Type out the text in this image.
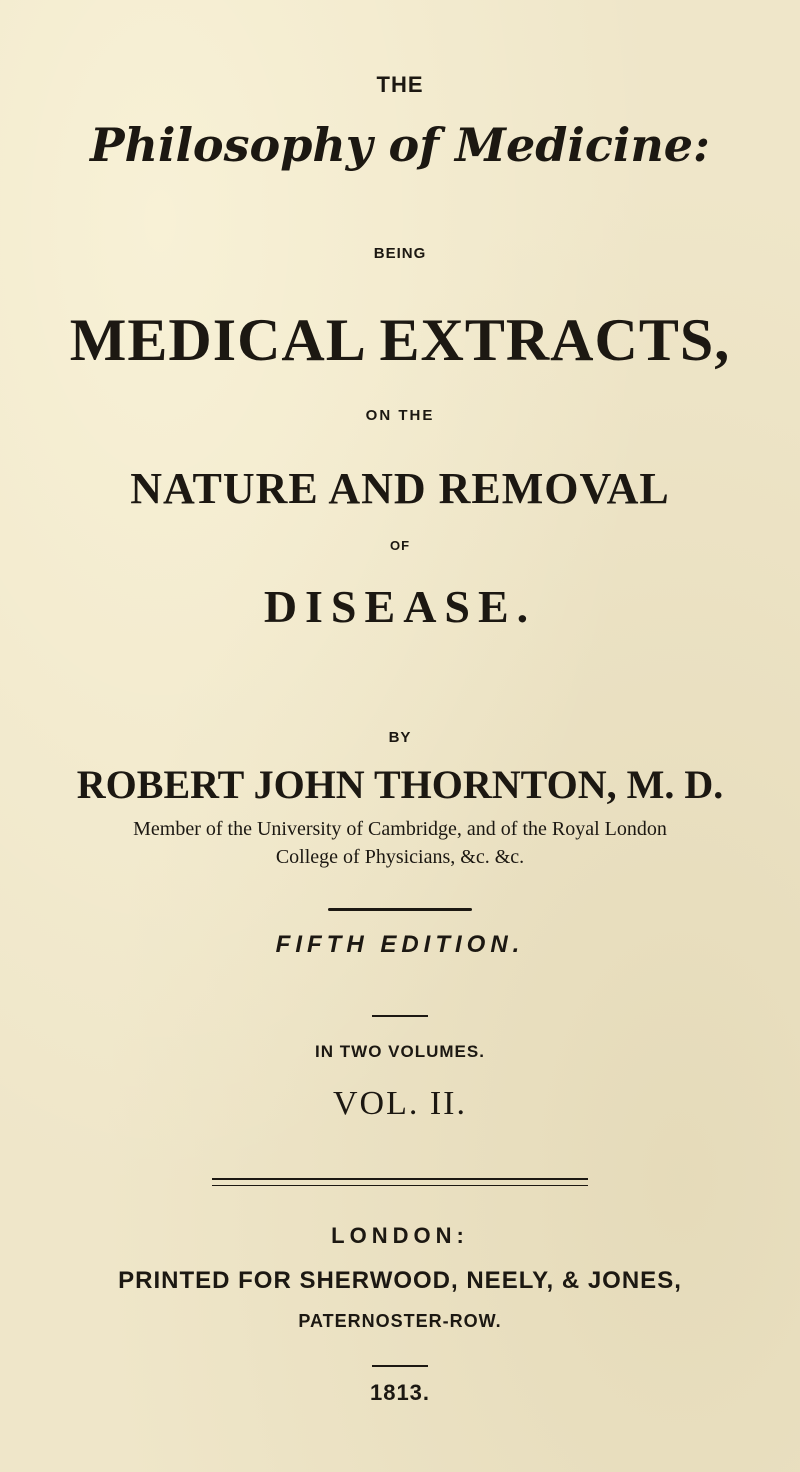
THE
Philosophy of Medicine:
BEING
MEDICAL EXTRACTS,
ON THE
NATURE AND REMOVAL
OF
DISEASE.
BY
ROBERT JOHN THORNTON, M. D.
Member of the University of Cambridge, and of the Royal London
College of Physicians, &c. &c.
FIFTH EDITION.
IN TWO VOLUMES.
VOL. II.
LONDON:
PRINTED FOR SHERWOOD, NEELY, & JONES,
PATERNOSTER-ROW.
1813.
